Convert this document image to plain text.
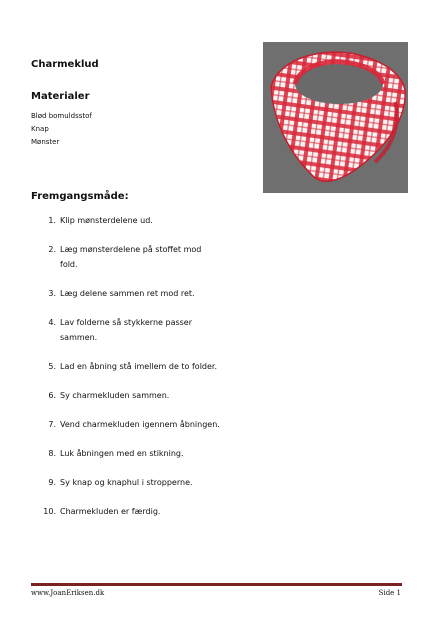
Charmeklud
Materialer
Blød bomuldsstof
Knap
Mønster
Fremgangsmåde:
1. Klip mønsterdelene ud.
2. Læg mønsterdelene på stoffet mod fold.
3. Læg delene sammen ret mod ret.
4. Lav folderne så stykkerne passer sammen.
5. Lad en åbning stå imellem de to folder.
6. Sy charmekluden sammen.
7. Vend charmekluden igennem åbningen.
8. Luk åbningen med en stikning.
9. Sy knap og knaphul i stropperne.
10. Charmekluden er færdig.
www.JoanEriksen.dk	Side 1
